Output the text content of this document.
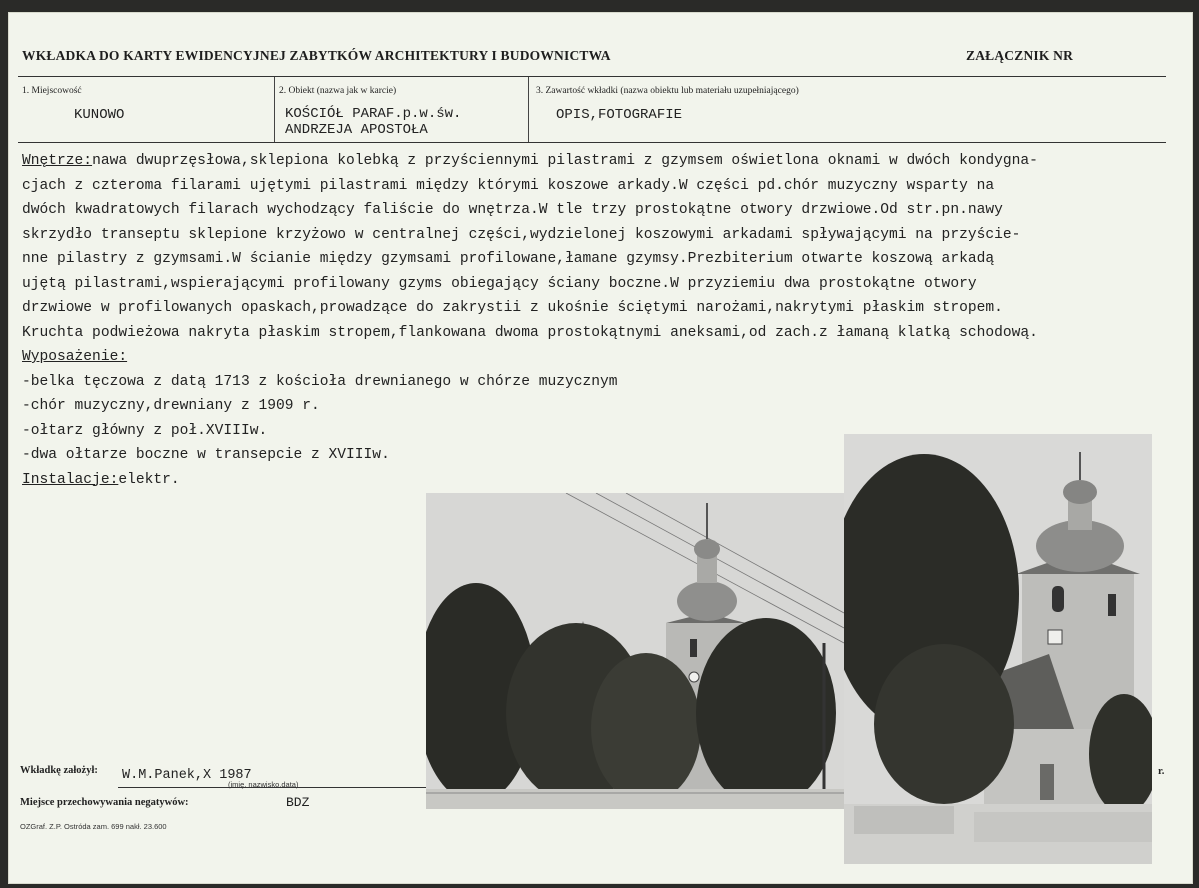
WKŁADKA DO KARTY EWIDENCYJNEJ ZABYTKÓW ARCHITEKTURY I BUDOWNICTWA	ZAŁĄCZNIK NR
1. Miejscowość
KUNOWO
2. Obiekt (nazwa jak w karcie)
KOŚCIÓŁ PARAF.p.w.św.
ANDRZEJA APOSTOŁA
3. Zawartość wkładki (nazwa obiektu lub materiału uzupełniającego)
OPIS,FOTOGRAFIE
Wnętrze:nawa dwuprzęsłowa,sklepiona kolebką z przyściennymi pilastrami z gzymsem oświetlona oknami w dwóch kondygna-
cjach z czteroma filarami ujętymi pilastrami między którymi koszowe arkady.W części pd.chór muzyczny wsparty na
dwóch kwadratowych filarach wychodzący faliście do wnętrza.W tle trzy prostokątne otwory drzwiowe.Od str.pn.nawy
skrzydło transeptu sklepione krzyżowo w centralnej części,wydzielonej koszowymi arkadami spływającymi na przyście-
nne pilastry z gzymsami.W ścianie między gzymsami profilowane,łamane gzymsy.Prezbiterium otwarte koszową arkadą
ujętą pilastrami,wspierającymi profilowany gzyms obiegający ściany boczne.W przyziemiu dwa prostokątne otwory
drzwiowe w profilowanych opaskach,prowadzące do zakrystii z ukośnie ściętymi narożami,nakrytymi płaskim stropem.
Kruchta podwieżowa nakryta płaskim stropem,flankowana dwoma prostokątnymi aneksami,od zach.z łamaną klatką schodową.
Wyposażenie:
-belka tęczowa z datą 1713 z kościoła drewnianego w chórze muzycznym
-chór muzyczny,drewniany z 1909 r.
-ołtarz główny z poł.XVIIIw.
-dwa ołtarze boczne w transepcie z XVIIIw.
Instalacje:elektr.
Wkładkę założył: W.M.Panek,X 1987
(imię, nazwisko,data)
Miejsce przechowywania negatywów:	BDZ
OZGraf. Z.P. Ostróda zam. 699 nakł. 23.600
r.
